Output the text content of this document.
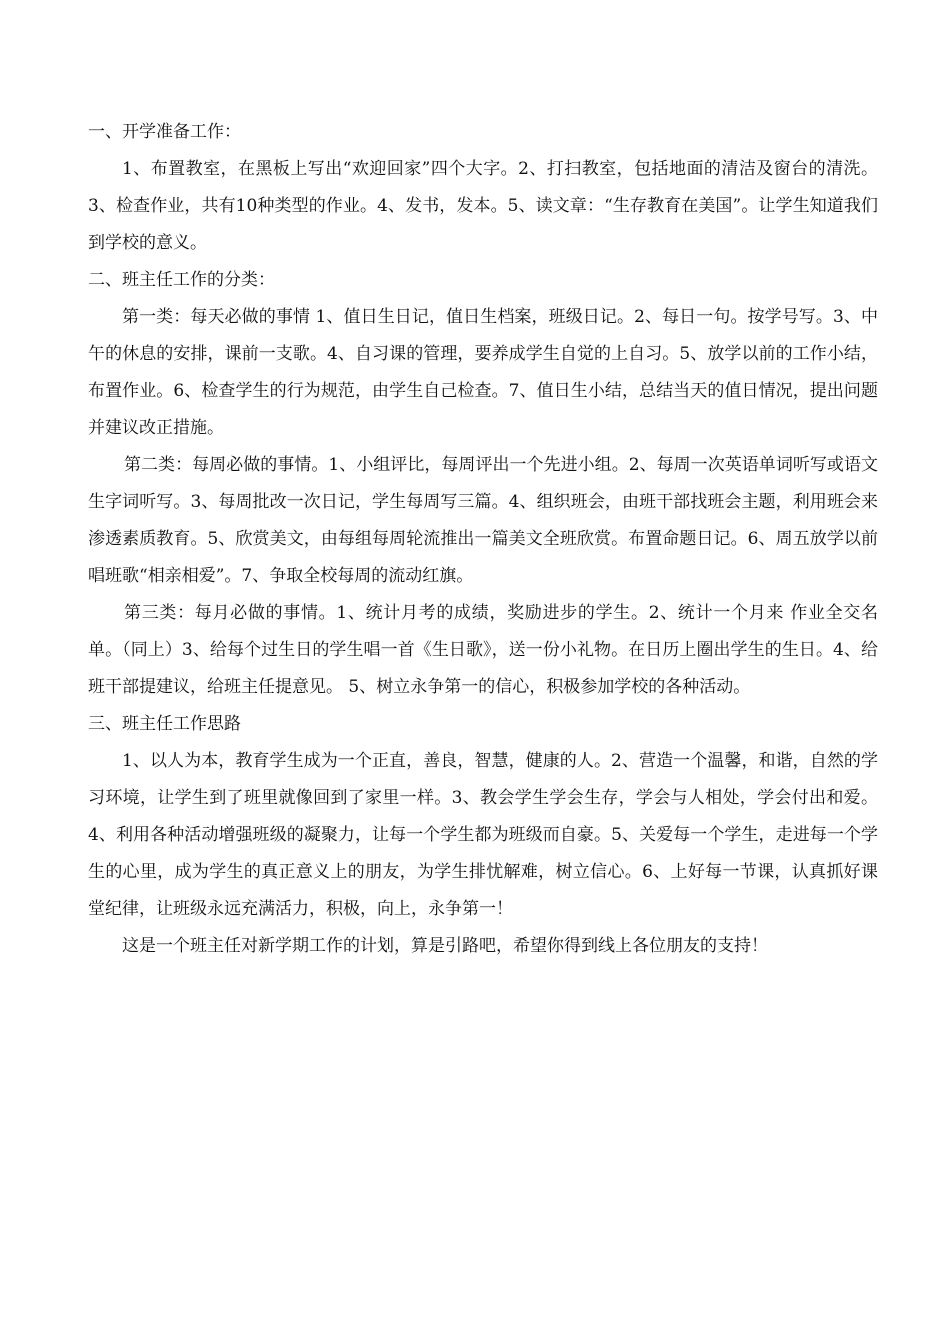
一、开学准备工作：

1、布置教室，在黑板上写出“欢迎回家”四个大字。2、打扫教室，包括地面的清洁及窗台的清洗。3、检查作业，共有10种类型的作业。4、发书，发本。5、读文章：“生存教育在美国”。让学生知道我们到学校的意义。

二、班主任工作的分类：

第一类：每天必做的事情 1、值日生日记，值日生档案，班级日记。2、每日一句。按学号写。3、中午的休息的安排，课前一支歌。4、自习课的管理，要养成学生自觉的上自习。5、放学以前的工作小结，布置作业。6、检查学生的行为规范，由学生自己检查。7、值日生小结，总结当天的值日情况，提出问题并建议改正措施。

第二类：每周必做的事情。1、小组评比，每周评出一个先进小组。2、每周一次英语单词听写或语文生字词听写。3、每周批改一次日记，学生每周写三篇。4、组织班会，由班干部找班会主题，利用班会来渗透素质教育。5、欣赏美文，由每组每周轮流推出一篇美文全班欣赏。布置命题日记。6、周五放学以前唱班歌“相亲相爱”。7、争取全校每周的流动红旗。

第三类：每月必做的事情。1、统计月考的成绩，奖励进步的学生。2、统计一个月来 作业全交名单。（同上）3、给每个过生日的学生唱一首《生日歌》，送一份小礼物。在日历上圈出学生的生日。4、给班干部提建议，给班主任提意见。 5、树立永争第一的信心，积极参加学校的各种活动。

三、班主任工作思路

1、以人为本，教育学生成为一个正直，善良，智慧，健康的人。2、营造一个温馨，和谐，自然的学习环境，让学生到了班里就像回到了家里一样。3、教会学生学会生存，学会与人相处，学会付出和爱。4、利用各种活动增强班级的凝聚力，让每一个学生都为班级而自豪。5、关爱每一个学生，走进每一个学生的心里，成为学生的真正意义上的朋友，为学生排忧解难，树立信心。6、上好每一节课，认真抓好课堂纪律，让班级永远充满活力，积极，向上，永争第一！

这是一个班主任对新学期工作的计划，算是引路吧，希望你得到线上各位朋友的支持！
